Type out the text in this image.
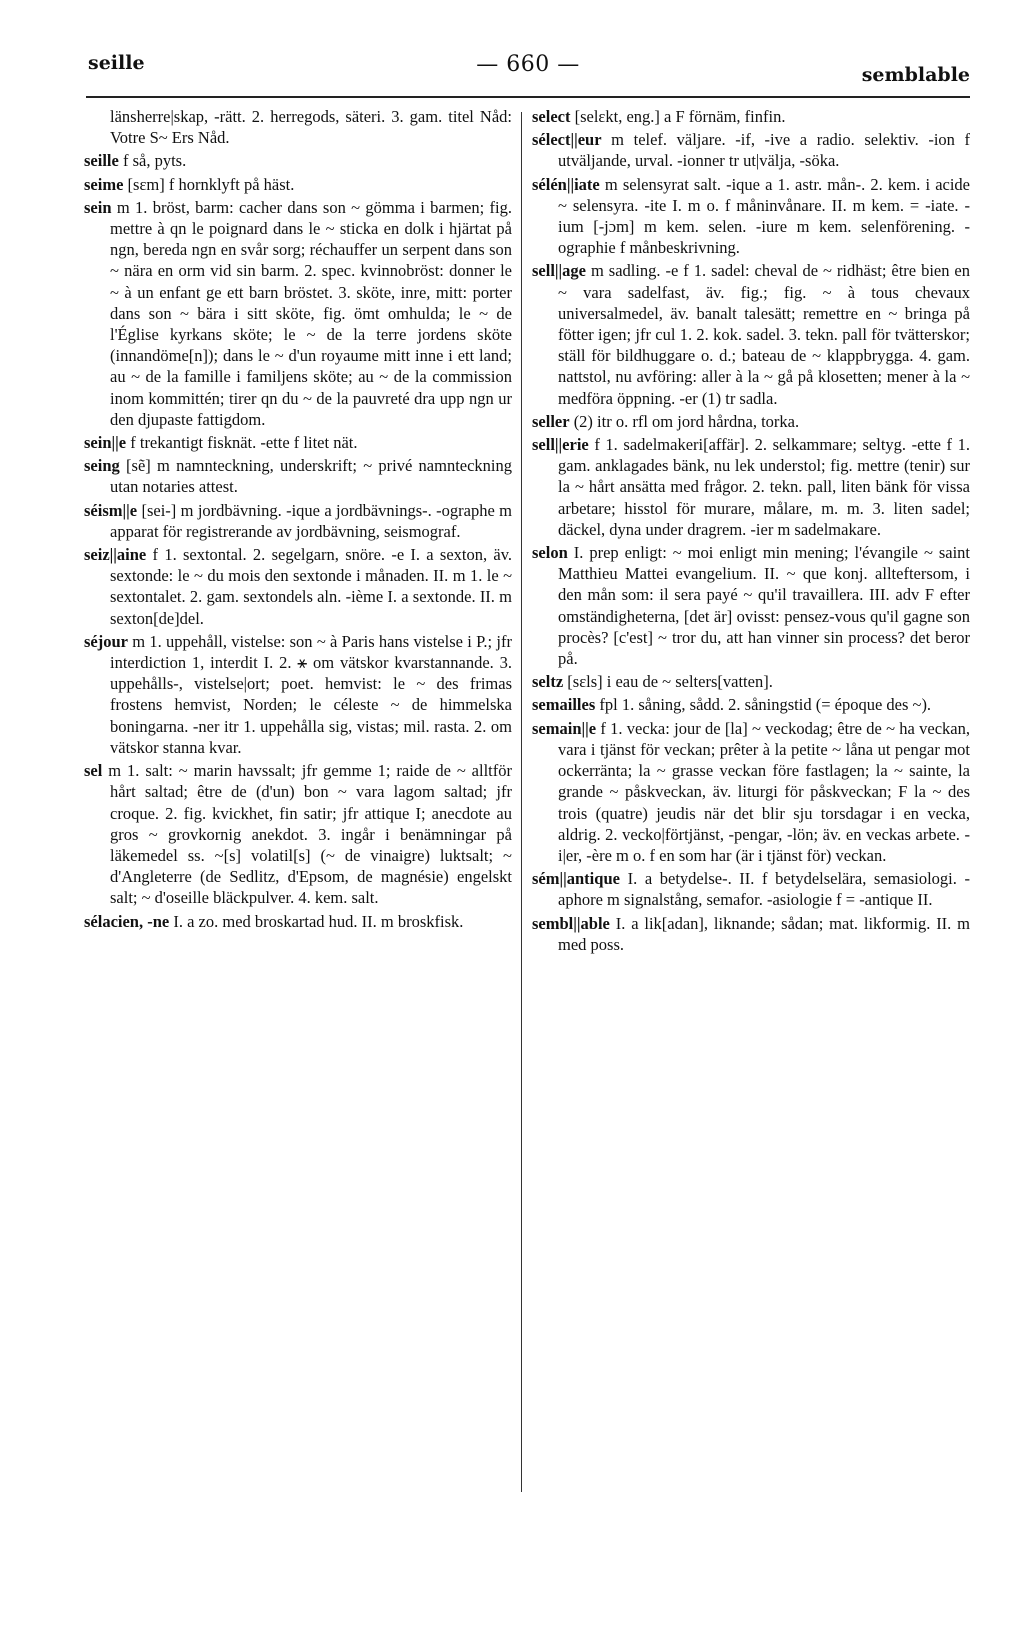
seille	— 660 —	semblable

länsherre|skap, -rätt. 2. herregods, säteri. 3. gam. titel Nåd: Votre S~ Ers Nåd.

seille f så, pyts.

seime [sεm] f hornklyft på häst.

sein m 1. bröst, barm: cacher dans son ~ gömma i barmen; fig. mettre à qn le poignard dans le ~ sticka en dolk i hjärtat på ngn, bereda ngn en svår sorg; réchauffer un serpent dans son ~ nära en orm vid sin barm. 2. spec. kvinnobröst: donner le ~ à un enfant ge ett barn bröstet. 3. sköte, inre, mitt: porter dans son ~ bära i sitt sköte, fig. ömt omhulda; le ~ de l'Église kyrkans sköte; le ~ de la terre jordens sköte (innandöme[n]); dans le ~ d'un royaume mitt inne i ett land; au ~ de la famille i familjens sköte; au ~ de la commission inom kommittén; tirer qn du ~ de la pauvreté dra upp ngn ur den djupaste fattigdom.

sein||e f trekantigt fisknät. -ette f litet nät.

seing [sẽ] m namnteckning, underskrift; ~ privé namnteckning utan notaries attest.

séism||e [sei-] m jordbävning. -ique a jordbävnings-. -ographe m apparat för registrerande av jordbävning, seismograf.

seiz||aine f 1. sextontal. 2. segelgarn, snöre. -e I. a sexton, äv. sextonde: le ~ du mois den sextonde i månaden. II. m 1. le ~ sextontalet. 2. gam. sextondels aln. -ième I. a sextonde. II. m sexton[de]del.

séjour m 1. uppehåll, vistelse: son ~ à Paris hans vistelse i P.; jfr interdiction 1, interdit I. 2. ⚹ om vätskor kvarstannande. 3. uppehålls-, vistelse|ort; poet. hemvist: le ~ des frimas frostens hemvist, Norden; le céleste ~ de himmelska boningarna. -ner itr 1. uppehålla sig, vistas; mil. rasta. 2. om vätskor stanna kvar.

sel m 1. salt: ~ marin havssalt; jfr gemme 1; raide de ~ alltför hårt saltad; être de (d'un) bon ~ vara lagom saltad; jfr croque. 2. fig. kvickhet, fin satir; jfr attique I; anecdote au gros ~ grovkornig anekdot. 3. ingår i benämningar på läkemedel ss. ~[s] volatil[s] (~ de vinaigre) luktsalt; ~ d'Angleterre (de Sedlitz, d'Epsom, de magnésie) engelskt salt; ~ d'oseille bläckpulver. 4. kem. salt.

sélacien, -ne I. a zo. med broskartad hud. II. m broskfisk.

select [selεkt, eng.] a F förnäm, finfin.

sélect||eur m telef. väljare. -if, -ive a radio. selektiv. -ion f utväljande, urval. -ionner tr ut|välja, -söka.

sélén||iate m selensyrat salt. -ique a 1. astr. mån-. 2. kem. i acide ~ selensyra. -ite I. m o. f måninvånare. II. m kem. = -iate. -ium [-jɔm] m kem. selen. -iure m kem. selenförening. -ographie f månbeskrivning.

sell||age m sadling. -e f 1. sadel: cheval de ~ ridhäst; être bien en ~ vara sadelfast, äv. fig.; fig. ~ à tous chevaux universalmedel, äv. banalt talesätt; remettre en ~ bringa på fötter igen; jfr cul 1. 2. kok. sadel. 3. tekn. pall för tvätterskor; ställ för bildhuggare o. d.; bateau de ~ klappbrygga. 4. gam. nattstol, nu avföring: aller à la ~ gå på klosetten; mener à la ~ medföra öppning. -er (1) tr sadla.

seller (2) itr o. rfl om jord hårdna, torka.

sell||erie f 1. sadelmakeri[affär]. 2. selkammare; seltyg. -ette f 1. gam. anklagades bänk, nu lek understol; fig. mettre (tenir) sur la ~ hårt ansätta med frågor. 2. tekn. pall, liten bänk för vissa arbetare; hisstol för murare, målare, m. m. 3. liten sadel; däckel, dyna under dragrem. -ier m sadelmakare.

selon I. prep enligt: ~ moi enligt min mening; l'évangile ~ saint Matthieu Mattei evangelium. II. ~ que konj. allteftersom, i den mån som: il sera payé ~ qu'il travaillera. III. adv F efter omständigheterna, [det är] ovisst: pensez-vous qu'il gagne son procès? [c'est] ~ tror du, att han vinner sin process? det beror på.

seltz [sεls] i eau de ~ selters[vatten].

semailles fpl 1. såning, sådd. 2. såningstid (= époque des ~).

semain||e f 1. vecka: jour de [la] ~ veckodag; être de ~ ha veckan, vara i tjänst för veckan; prêter à la petite ~ låna ut pengar mot ockerränta; la ~ grasse veckan före fastlagen; la ~ sainte, la grande ~ påskveckan, äv. liturgi för påskveckan; F la ~ des trois (quatre) jeudis när det blir sju torsdagar i en vecka, aldrig. 2. vecko|förtjänst, -pengar, -lön; äv. en veckas arbete. -i|er, -ère m o. f en som har (är i tjänst för) veckan.

sém||antique I. a betydelse-. II. f betydelselära, semasiologi. -aphore m signalstång, semafor. -asiologie f = -antique II.

sembl||able I. a lik[adan], liknande; sådan; mat. likformig. II. m med poss.
